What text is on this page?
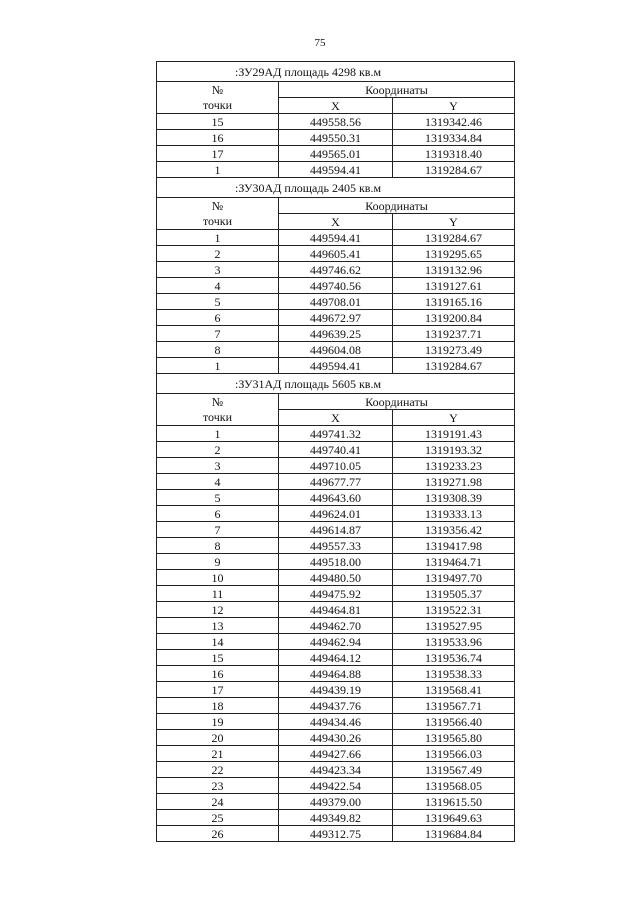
75
:ЗУ29АД площадь 4298 кв.м		
№	Координаты	
точки	X	Y
15	449558.56	1319342.46
16	449550.31	1319334.84
17	449565.01	1319318.40
1	449594.41	1319284.67
:ЗУ30АД площадь 2405 кв.м		
№	Координаты	
точки	X	Y
1	449594.41	1319284.67
2	449605.41	1319295.65
3	449746.62	1319132.96
4	449740.56	1319127.61
5	449708.01	1319165.16
6	449672.97	1319200.84
7	449639.25	1319237.71
8	449604.08	1319273.49
1	449594.41	1319284.67
:ЗУ31АД площадь 5605 кв.м		
№	Координаты	
точки	X	Y
1	449741.32	1319191.43
2	449740.41	1319193.32
3	449710.05	1319233.23
4	449677.77	1319271.98
5	449643.60	1319308.39
6	449624.01	1319333.13
7	449614.87	1319356.42
8	449557.33	1319417.98
9	449518.00	1319464.71
10	449480.50	1319497.70
11	449475.92	1319505.37
12	449464.81	1319522.31
13	449462.70	1319527.95
14	449462.94	1319533.96
15	449464.12	1319536.74
16	449464.88	1319538.33
17	449439.19	1319568.41
18	449437.76	1319567.71
19	449434.46	1319566.40
20	449430.26	1319565.80
21	449427.66	1319566.03
22	449423.34	1319567.49
23	449422.54	1319568.05
24	449379.00	1319615.50
25	449349.82	1319649.63
26	449312.75	1319684.84
